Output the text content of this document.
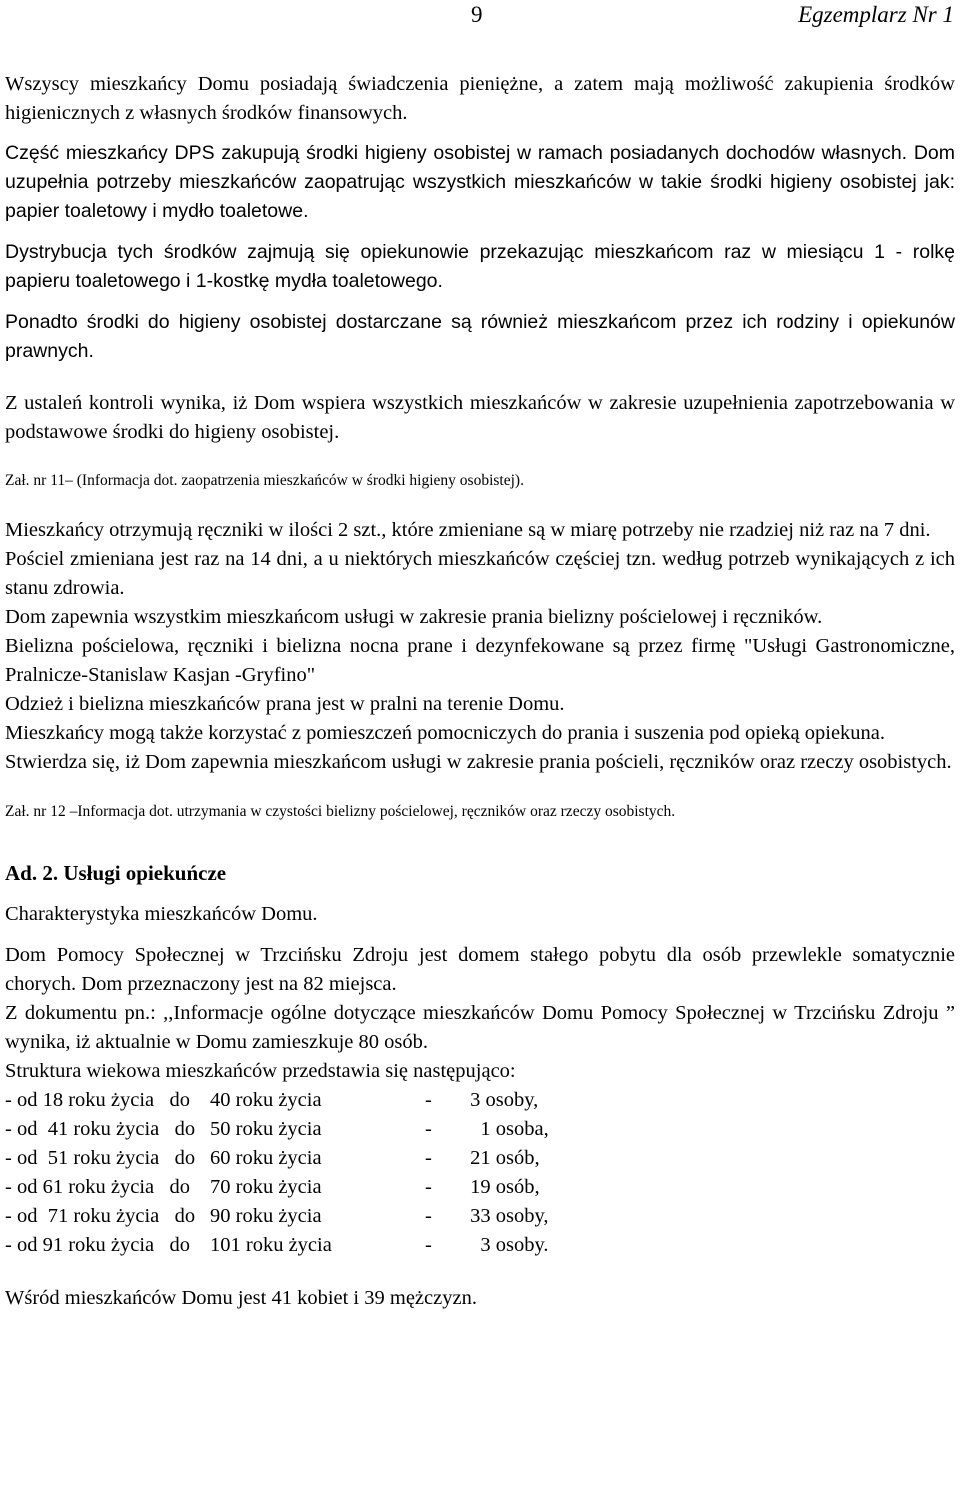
9	Egzemplarz Nr 1

Wszyscy mieszkańcy Domu posiadają świadczenia pieniężne, a zatem mają możliwość zakupienia środków higienicznych z własnych środków finansowych.

Część mieszkańcy DPS zakupują środki higieny osobistej w ramach posiadanych dochodów własnych. Dom uzupełnia potrzeby mieszkańców zaopatrując wszystkich mieszkańców w takie środki higieny osobistej jak: papier toaletowy i mydło toaletowe.

Dystrybucja tych środków zajmują się opiekunowie przekazując mieszkańcom raz w miesiącu 1 - rolkę papieru toaletowego i 1-kostkę mydła toaletowego.

Ponadto środki do higieny osobistej dostarczane są również mieszkańcom przez ich rodziny i opiekunów prawnych.

Z ustaleń kontroli wynika, iż Dom wspiera wszystkich mieszkańców w zakresie uzupełnienia zapotrzebowania w podstawowe środki do higieny osobistej.

Zał. nr 11– (Informacja dot. zaopatrzenia mieszkańców w środki higieny osobistej).

Mieszkańcy otrzymują ręczniki w ilości 2 szt., które zmieniane są w miarę potrzeby nie rzadziej niż raz na 7 dni.

Pościel zmieniana jest raz na 14 dni, a u niektórych mieszkańców częściej tzn. według potrzeb wynikających z ich stanu zdrowia.

Dom zapewnia wszystkim mieszkańcom usługi w zakresie prania bielizny pościelowej i ręczników.

Bielizna pościelowa, ręczniki i bielizna nocna prane i dezynfekowane są przez firmę "Usługi Gastronomiczne, Pralnicze-Stanislaw Kasjan -Gryfino"

Odzież i bielizna mieszkańców prana jest w pralni na terenie Domu.

Mieszkańcy mogą także korzystać z pomieszczeń pomocniczych do prania i suszenia pod opieką opiekuna.

Stwierdza się, iż Dom zapewnia mieszkańcom usługi w zakresie prania pościeli, ręczników oraz rzeczy osobistych.

Zał. nr 12 –Informacja dot. utrzymania w czystości bielizny pościelowej, ręczników oraz rzeczy osobistych.

Ad. 2. Usługi opiekuńcze

Charakterystyka mieszkańców Domu.

Dom Pomocy Społecznej w Trzcińsku Zdroju jest domem stałego pobytu dla osób przewlekle somatycznie chorych. Dom przeznaczony jest na 82 miejsca.

Z dokumentu pn.: ,,Informacje ogólne dotyczące mieszkańców Domu Pomocy Społecznej w Trzcińsku Zdroju ” wynika, iż aktualnie w Domu zamieszkuje 80 osób.

Struktura wiekowa mieszkańców przedstawia się następująco:

- od 18 roku życia   do 40 roku życia	-	3 osoby,
- od  41 roku życia   do 50 roku życia	-	1 osoba,
- od  51 roku życia   do 60 roku życia	-	21 osób,
- od 61 roku życia   do 70 roku życia	-	19 osób,
- od  71 roku życia   do 90 roku życia	-	33 osoby,
- od 91 roku życia   do 101 roku życia	-	3 osoby.

Wśród mieszkańców Domu jest 41 kobiet i 39 mężczyzn.
